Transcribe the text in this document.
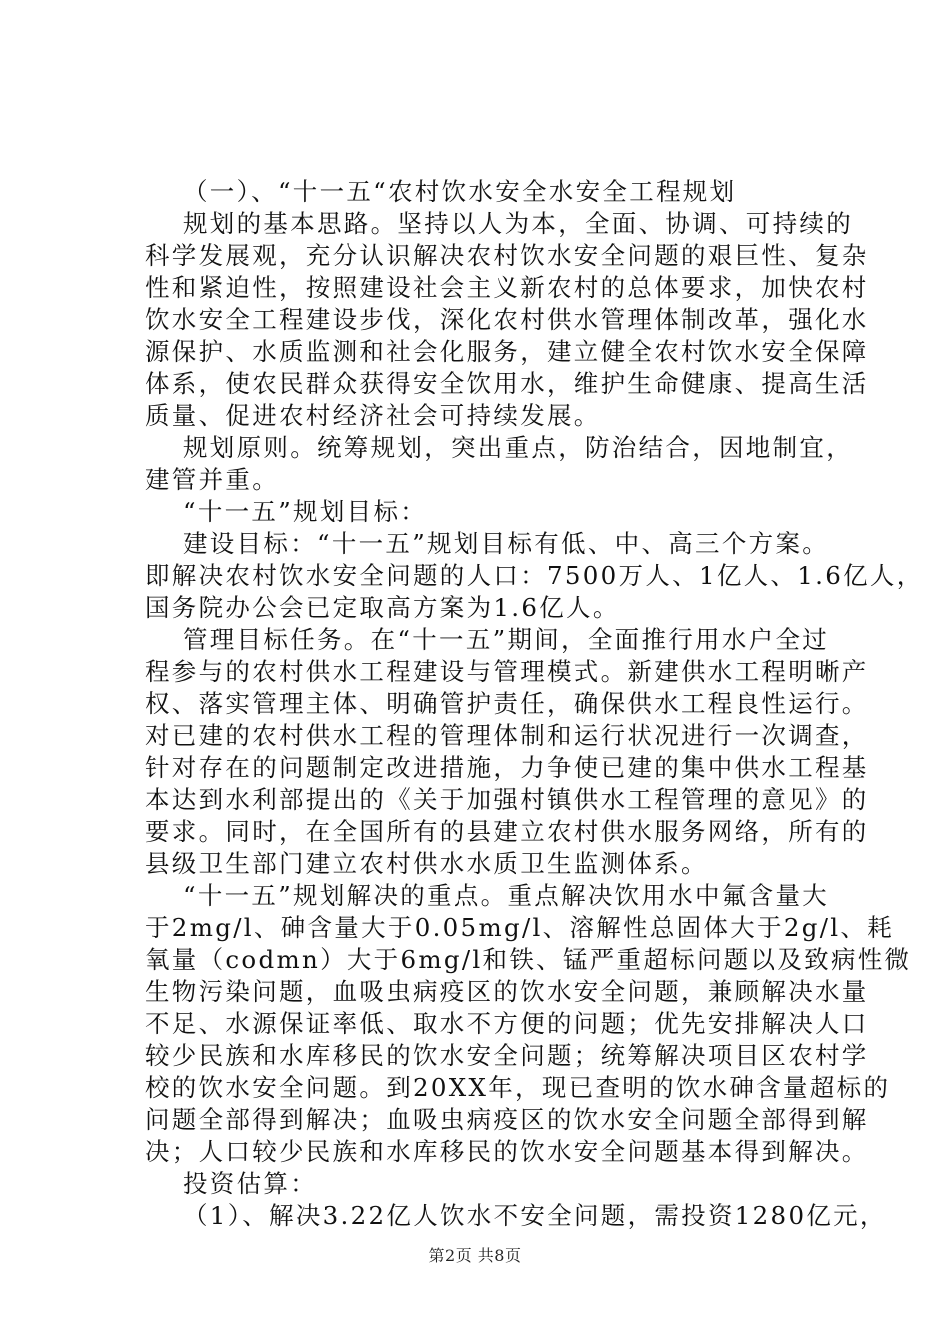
（一）、“十一五“农村饮水安全水安全工程规划
规划的基本思路。坚持以人为本，全面、协调、可持续的
科学发展观，充分认识解决农村饮水安全问题的艰巨性、复杂
性和紧迫性，按照建设社会主义新农村的总体要求，加快农村
饮水安全工程建设步伐，深化农村供水管理体制改革，强化水
源保护、水质监测和社会化服务，建立健全农村饮水安全保障
体系，使农民群众获得安全饮用水，维护生命健康、提高生活
质量、促进农村经济社会可持续发展。
规划原则。统筹规划，突出重点，防治结合，因地制宜，
建管并重。
“十一五”规划目标：
建设目标：“十一五”规划目标有低、中、高三个方案。
即解决农村饮水安全问题的人口：7500万人、1亿人、1.6亿人，
国务院办公会已定取高方案为1.6亿人。
管理目标任务。在“十一五”期间，全面推行用水户全过
程参与的农村供水工程建设与管理模式。新建供水工程明晰产
权、落实管理主体、明确管护责任，确保供水工程良性运行。
对已建的农村供水工程的管理体制和运行状况进行一次调查，
针对存在的问题制定改进措施，力争使已建的集中供水工程基
本达到水利部提出的《关于加强村镇供水工程管理的意见》的
要求。同时，在全国所有的县建立农村供水服务网络，所有的
县级卫生部门建立农村供水水质卫生监测体系。
“十一五”规划解决的重点。重点解决饮用水中氟含量大
于2mg/l、砷含量大于0.05mg/l、溶解性总固体大于2g/l、耗
氧量（codmn）大于6mg/l和铁、锰严重超标问题以及致病性微
生物污染问题，血吸虫病疫区的饮水安全问题，兼顾解决水量
不足、水源保证率低、取水不方便的问题；优先安排解决人口
较少民族和水库移民的饮水安全问题；统筹解决项目区农村学
校的饮水安全问题。到20XX年，现已查明的饮水砷含量超标的
问题全部得到解决；血吸虫病疫区的饮水安全问题全部得到解
决；人口较少民族和水库移民的饮水安全问题基本得到解决。
投资估算：
（1）、解决3.22亿人饮水不安全问题，需投资1280亿元，
第2页 共8页
